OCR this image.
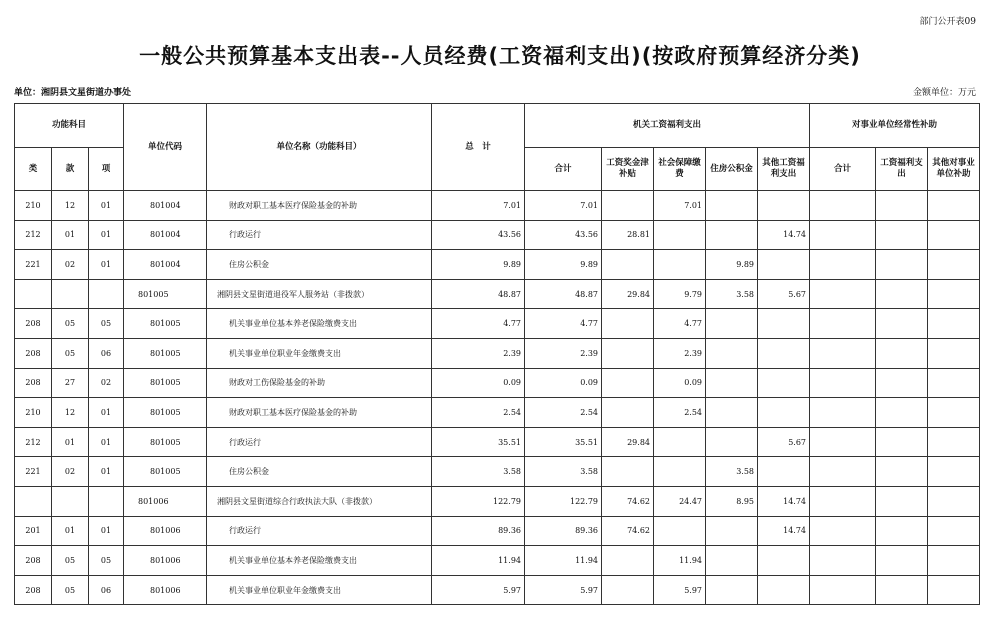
部门公开表09
一般公共预算基本支出表--人员经费(工资福利支出)(按政府预算经济分类)
单位：湘阴县文星街道办事处	金额单位：万元
功能科目			单位代码	单位名称（功能科目）	总　计	机关工资福利支出					对事业单位经常性补助		
类	款	项				合计	工资奖金津补贴	社会保障缴费	住房公积金	其他工资福利支出	合计	工资福利支出	其他对事业单位补助
210	12	01	801004	财政对职工基本医疗保险基金的补助	7.01	7.01		7.01					
212	01	01	801004	行政运行	43.56	43.56	28.81			14.74			
221	02	01	801004	住房公积金	9.89	9.89			9.89				
			801005	湘阴县文星街道退役军人服务站（非拨款）	48.87	48.87	29.84	9.79	3.58	5.67			
208	05	05	801005	机关事业单位基本养老保险缴费支出	4.77	4.77		4.77					
208	05	06	801005	机关事业单位职业年金缴费支出	2.39	2.39		2.39					
208	27	02	801005	财政对工伤保险基金的补助	0.09	0.09		0.09					
210	12	01	801005	财政对职工基本医疗保险基金的补助	2.54	2.54		2.54					
212	01	01	801005	行政运行	35.51	35.51	29.84			5.67			
221	02	01	801005	住房公积金	3.58	3.58			3.58				
			801006	湘阴县文星街道综合行政执法大队（非拨款）	122.79	122.79	74.62	24.47	8.95	14.74			
201	01	01	801006	行政运行	89.36	89.36	74.62			14.74			
208	05	05	801006	机关事业单位基本养老保险缴费支出	11.94	11.94		11.94					
208	05	06	801006	机关事业单位职业年金缴费支出	5.97	5.97		5.97					
